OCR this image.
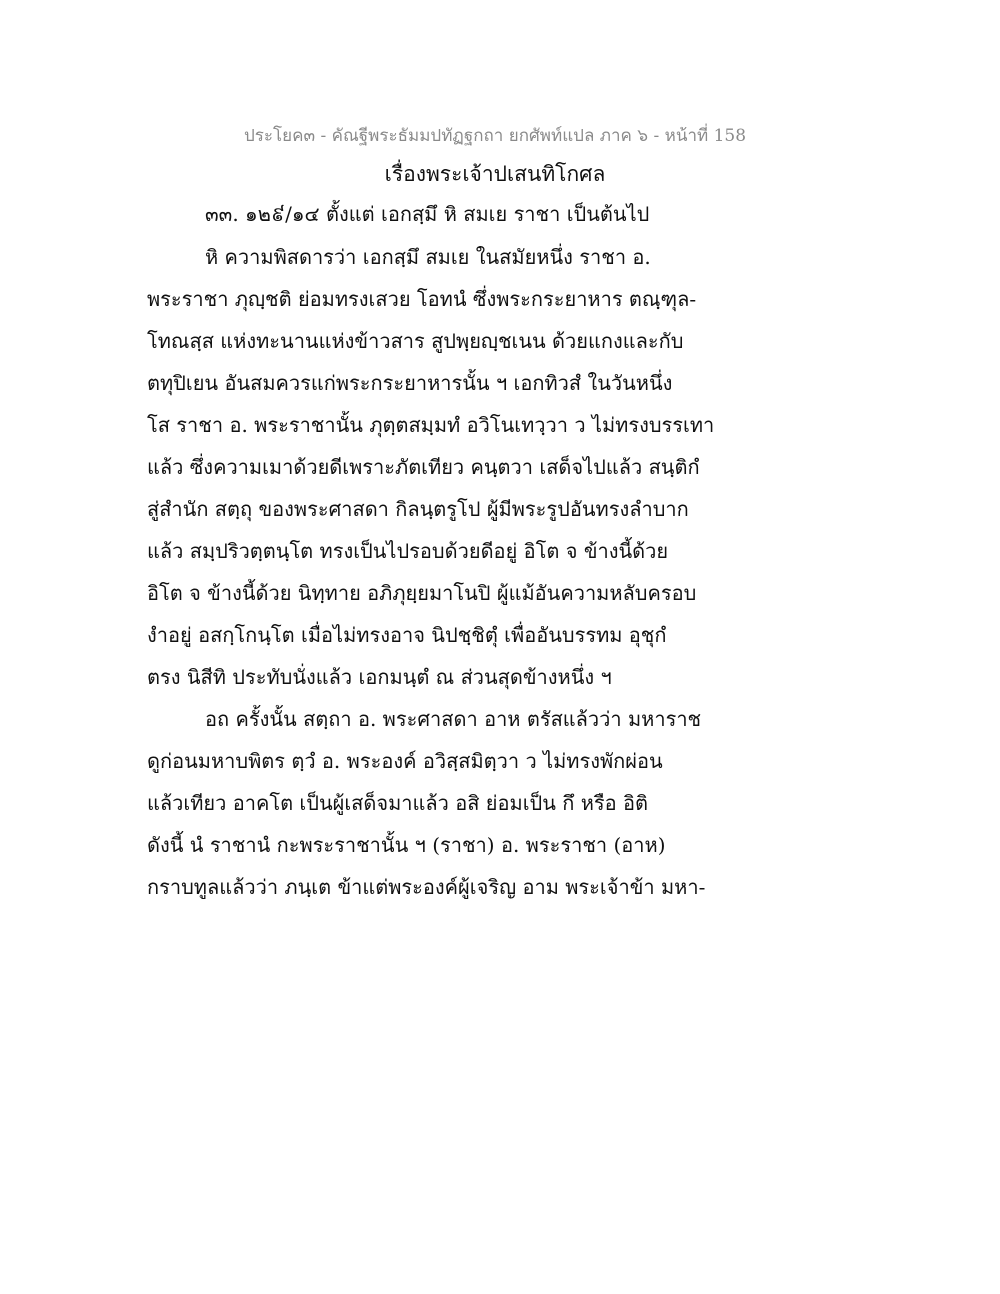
ประโยค๓ - คัณฐีพระธัมมปทัฏฐกถา ยกศัพท์แปล ภาค ๖ - หน้าที่ 158
เรื่องพระเจ้าปเสนทิโกศล
๓๓. ๑๒៩/๑๔ ตั้งแต่ เอกสฺมึ หิ สมเย ราชา เป็นต้นไป
หิ ความพิสดารว่า เอกสฺมึ สมเย ในสมัยหนึ่ง ราชา อ.
พระราชา ภุญฺชติ ย่อมทรงเสวย โอทนํ ซึ่งพระกระยาหาร ตณฺฑุล-
โทณสฺส แห่งทะนานแห่งข้าวสาร สูปพฺยญฺชเนน ด้วยแกงและกับ
ตทุปิเยน อันสมควรแก่พระกระยาหารนั้น ฯ เอกทิวสํ ในวันหนึ่ง
โส ราชา อ. พระราชานั้น ภุตฺตสมฺมทํ อวิโนเทวฺวา ว ไม่ทรงบรรเทา
แล้ว ซึ่งความเมาด้วยดีเพราะภัตเทียว คนฺตวา เสด็จไปแล้ว สนฺติกํ
สู่สำนัก สตฺถุ ของพระศาสดา กิลนฺตรูโป ผู้มีพระรูปอันทรงลำบาก
แล้ว สมฺปริวตฺตนฺโต ทรงเป็นไปรอบด้วยดีอยู่ อิโต จ ข้างนี้ด้วย
อิโต จ ข้างนี้ด้วย นิทฺทาย อภิภุยฺยมาโนปิ ผู้แม้อันความหลับครอบ
งำอยู่ อสกฺโกนฺโต เมื่อไม่ทรงอาจ นิปชฺชิตุํ เพื่ออันบรรทม อุชุกํ
ตรง นิสีทิ ประทับนั่งแล้ว เอกมนฺตํ ณ ส่วนสุดข้างหนึ่ง ฯ
อถ ครั้งนั้น สตฺถา อ. พระศาสดา อาห ตรัสแล้วว่า มหาราช
ดูก่อนมหาบพิตร ตฺวํ อ. พระองค์ อวิสฺสมิตฺวา ว ไม่ทรงพักผ่อน
แล้วเทียว อาคโต เป็นผู้เสด็จมาแล้ว อสิ ย่อมเป็น กึ หรือ อิติ
ดังนี้ นํ ราชานํ กะพระราชานั้น ฯ (ราชา) อ. พระราชา (อาห)
กราบทูลแล้วว่า ภนฺเต ข้าแต่พระองค์ผู้เจริญ อาม พระเจ้าข้า มหา-
